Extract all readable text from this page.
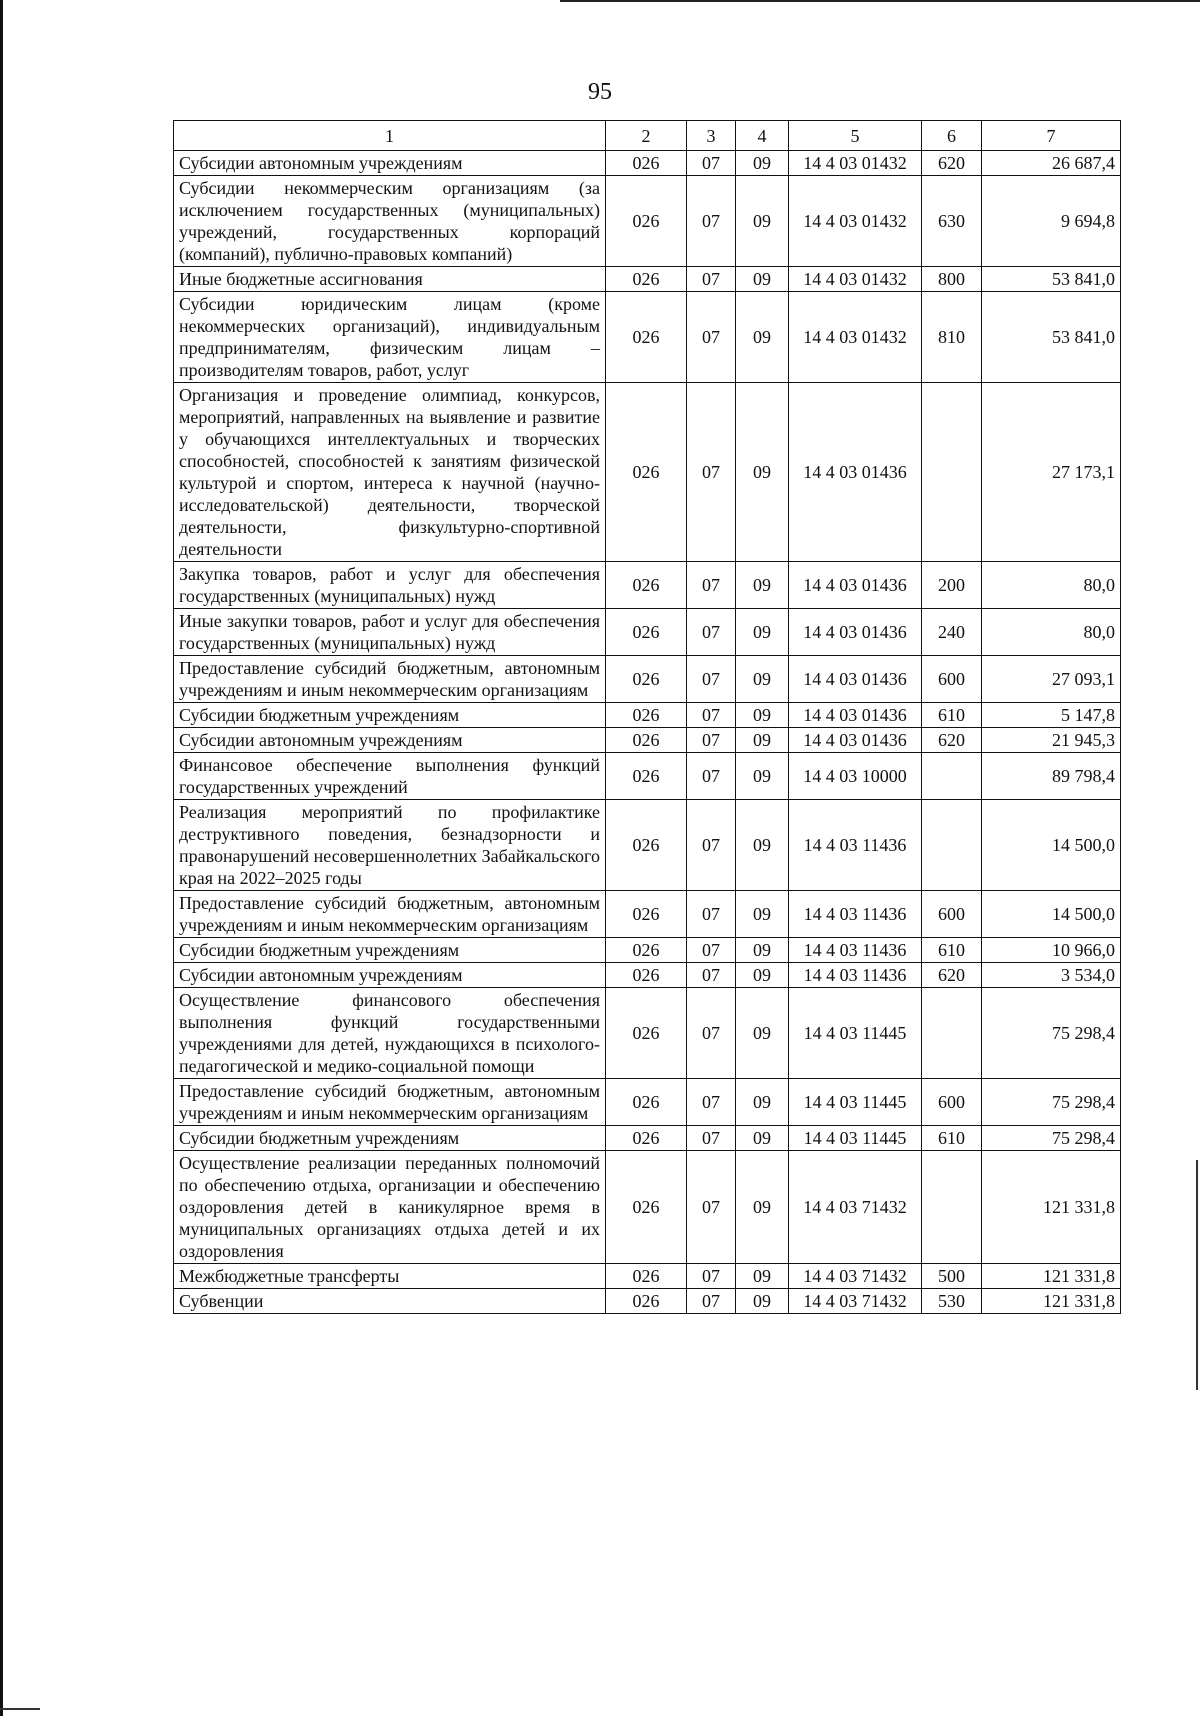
95
1	2	3	4	5	6	7
Субсидии автономным учреждениям	026	07	09	14 4 03 01432	620	26 687,4
Субсидии некоммерческим организациям (за исключением государственных (муниципальных) учреждений, государственных корпораций (компаний), публично-правовых компаний)	026	07	09	14 4 03 01432	630	9 694,8
Иные бюджетные ассигнования	026	07	09	14 4 03 01432	800	53 841,0
Субсидии юридическим лицам (кроме некоммерческих организаций), индивидуальным предпринимателям, физическим лицам – производителям товаров, работ, услуг	026	07	09	14 4 03 01432	810	53 841,0
Организация и проведение олимпиад, конкурсов, мероприятий, направленных на выявление и развитие у обучающихся интеллектуальных и творческих способностей, способностей к занятиям физической культурой и спортом, интереса к научной (научно-исследовательской) деятельности, творческой деятельности, физкультурно-спортивной деятельности	026	07	09	14 4 03 01436		27 173,1
Закупка товаров, работ и услуг для обеспечения государственных (муниципальных) нужд	026	07	09	14 4 03 01436	200	80,0
Иные закупки товаров, работ и услуг для обеспечения государственных (муниципальных) нужд	026	07	09	14 4 03 01436	240	80,0
Предоставление субсидий бюджетным, автономным учреждениям и иным некоммерческим организациям	026	07	09	14 4 03 01436	600	27 093,1
Субсидии бюджетным учреждениям	026	07	09	14 4 03 01436	610	5 147,8
Субсидии автономным учреждениям	026	07	09	14 4 03 01436	620	21 945,3
Финансовое обеспечение выполнения функций государственных учреждений	026	07	09	14 4 03 10000		89 798,4
Реализация мероприятий по профилактике деструктивного поведения, безнадзорности и правонарушений несовершеннолетних Забайкальского края на 2022–2025 годы	026	07	09	14 4 03 11436		14 500,0
Предоставление субсидий бюджетным, автономным учреждениям и иным некоммерческим организациям	026	07	09	14 4 03 11436	600	14 500,0
Субсидии бюджетным учреждениям	026	07	09	14 4 03 11436	610	10 966,0
Субсидии автономным учреждениям	026	07	09	14 4 03 11436	620	3 534,0
Осуществление финансового обеспечения выполнения функций государственными учреждениями для детей, нуждающихся в психолого-педагогической и медико-социальной помощи	026	07	09	14 4 03 11445		75 298,4
Предоставление субсидий бюджетным, автономным учреждениям и иным некоммерческим организациям	026	07	09	14 4 03 11445	600	75 298,4
Субсидии бюджетным учреждениям	026	07	09	14 4 03 11445	610	75 298,4
Осуществление реализации переданных полномочий по обеспечению отдыха, организации и обеспечению оздоровления детей в каникулярное время в муниципальных организациях отдыха детей и их оздоровления	026	07	09	14 4 03 71432		121 331,8
Межбюджетные трансферты	026	07	09	14 4 03 71432	500	121 331,8
Субвенции	026	07	09	14 4 03 71432	530	121 331,8
